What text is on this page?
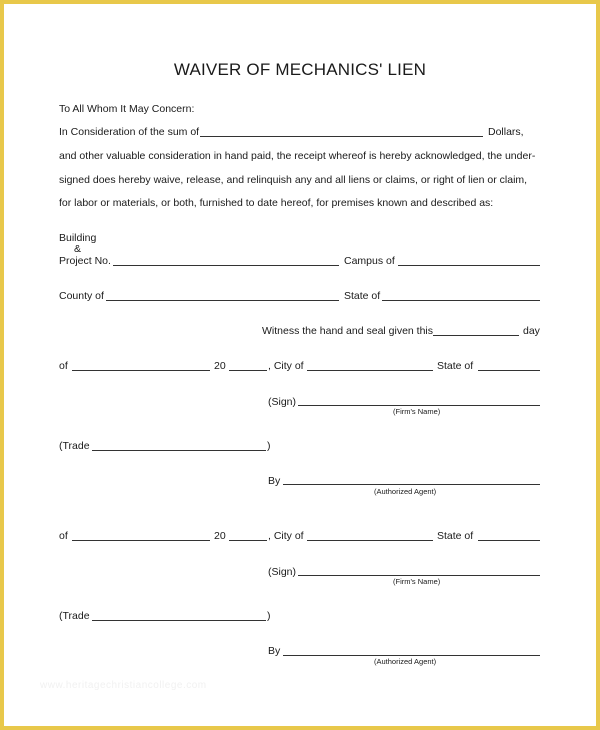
WAIVER OF MECHANICS' LIEN
To All Whom It May Concern:
In Consideration of the sum of	Dollars,
and other valuable consideration in hand paid, the receipt whereof is hereby acknowledged, the under-
signed does hereby waive, release, and relinquish any and all liens or claims, or right of lien or claim,
for labor or materials, or both, furnished to date hereof, for premises known and described as:
Building
&
Project No.	Campus of
County of	State of
Witness the hand and seal given this	day
of	20	, City of	State of
(Sign)
(Firm's Name)
(Trade	)
By
(Authorized Agent)
of	20	, City of	State of
(Sign)
(Firm's Name)
(Trade	)
By
(Authorized Agent)
www.heritagechristiancollege.com
